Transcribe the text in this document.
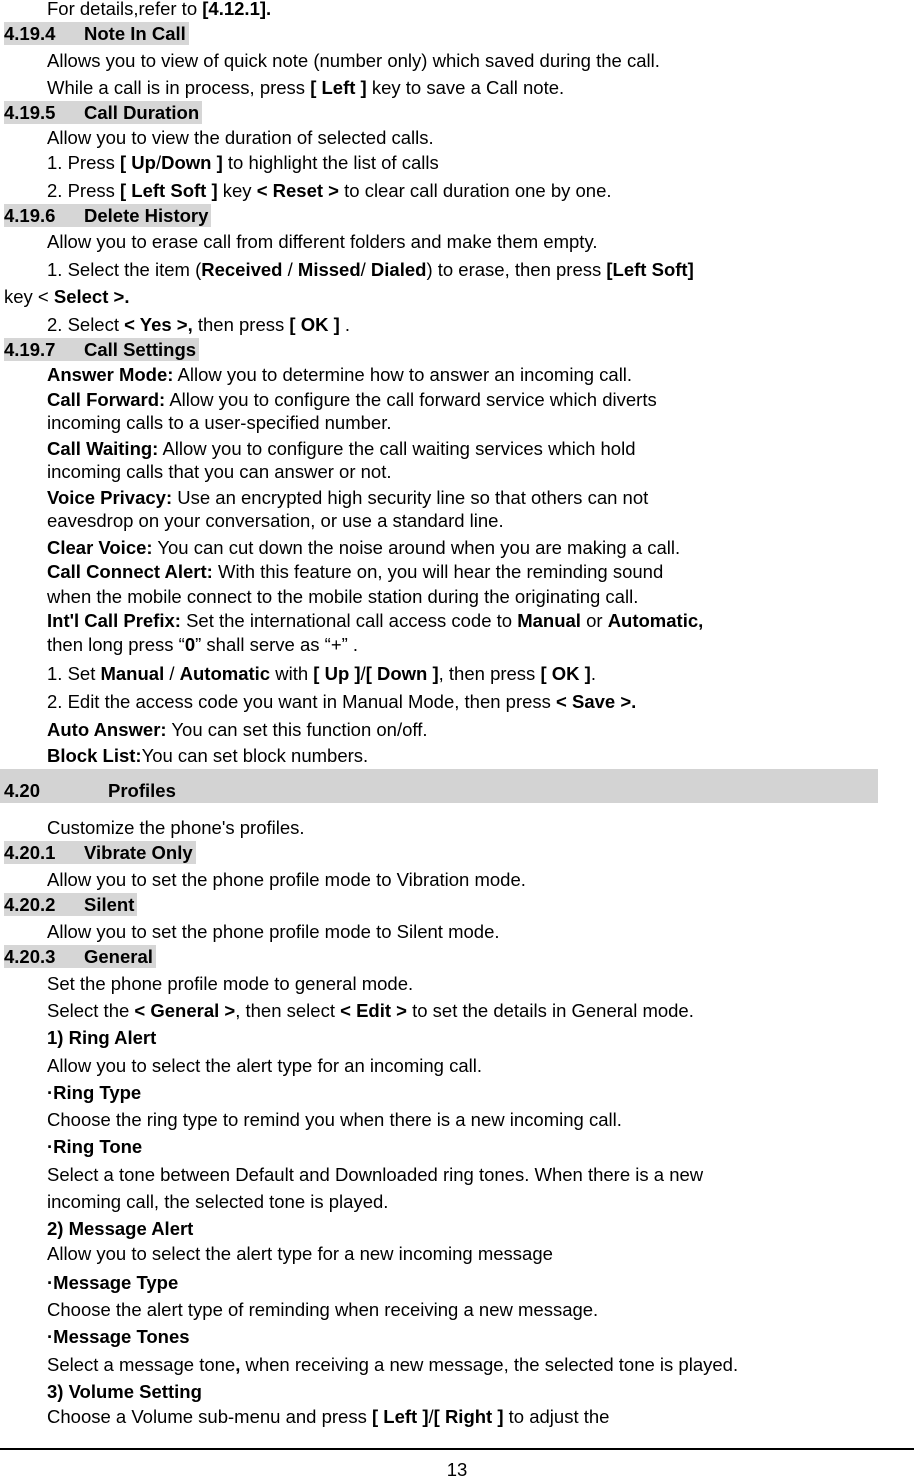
For details,refer to [4.12.1].
4.19.4 Note In Call
Allows you to view of quick note (number only) which saved during the call.
While a call is in process, press [ Left ] key to save a Call note.
4.19.5 Call Duration
Allow you to view the duration of selected calls.
1. Press [ Up/Down ] to highlight the list of calls
2. Press [ Left Soft ] key < Reset > to clear call duration one by one.
4.19.6 Delete History
Allow you to erase call from different folders and make them empty.
1. Select the item (Received / Missed/ Dialed) to erase, then press [Left Soft]
key < Select >.
2. Select < Yes >, then press [ OK ] .
4.19.7 Call Settings
Answer Mode: Allow you to determine how to answer an incoming call.
Call Forward: Allow you to configure the call forward service which diverts
incoming calls to a user-specified number.
Call Waiting: Allow you to configure the call waiting services which hold
incoming calls that you can answer or not.
Voice Privacy: Use an encrypted high security line so that others can not
eavesdrop on your conversation, or use a standard line.
Clear Voice: You can cut down the noise around when you are making a call.
Call Connect Alert: With this feature on, you will hear the reminding sound
when the mobile connect to the mobile station during the originating call.
Int'l Call Prefix: Set the international call access code to Manual or Automatic,
then long press “0” shall serve as “+” .
1. Set Manual / Automatic with [ Up ]/[ Down ], then press [ OK ].
2. Edit the access code you want in Manual Mode, then press < Save >.
Auto Answer: You can set this function on/off.
Block List:You can set block numbers.
4.20	Profiles
Customize the phone's profiles.
4.20.1 Vibrate Only
Allow you to set the phone profile mode to Vibration mode.
4.20.2 Silent
Allow you to set the phone profile mode to Silent mode.
4.20.3 General
Set the phone profile mode to general mode.
Select the < General >, then select < Edit > to set the details in General mode.
1) Ring Alert
Allow you to select the alert type for an incoming call.
·Ring Type
Choose the ring type to remind you when there is a new incoming call.
·Ring Tone
Select a tone between Default and Downloaded ring tones. When there is a new
incoming call, the selected tone is played.
2) Message Alert
Allow you to select the alert type for a new incoming message
·Message Type
Choose the alert type of reminding when receiving a new message.
·Message Tones
Select a message tone, when receiving a new message, the selected tone is played.
3) Volume Setting
Choose a Volume sub-menu and press [ Left ]/[ Right ] to adjust the
13
